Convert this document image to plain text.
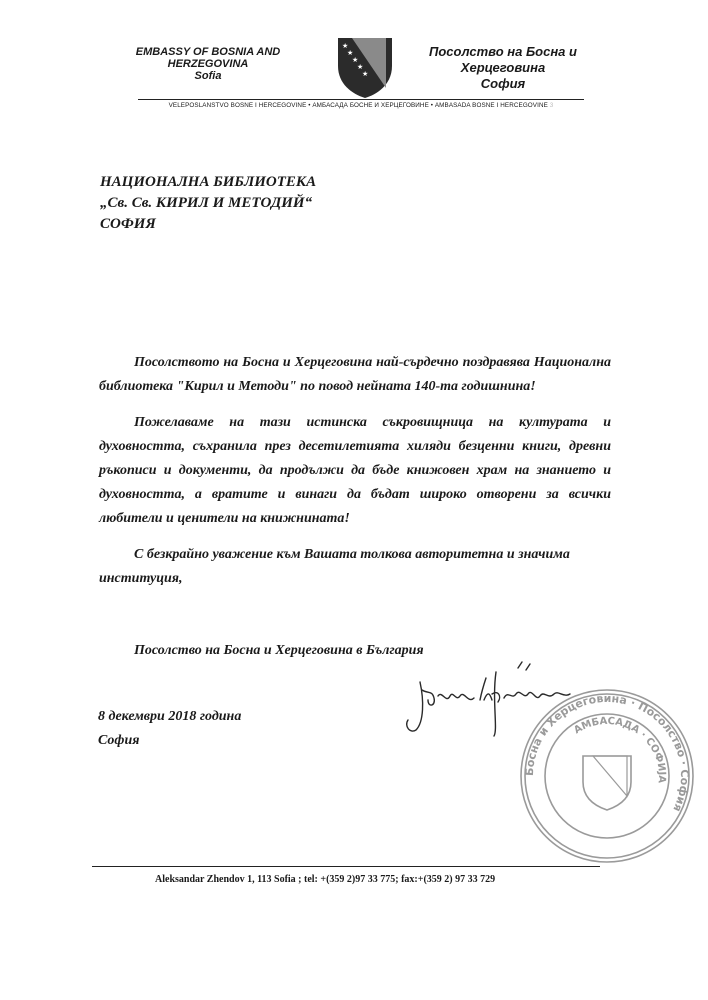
EMBASSY OF BOSNIA AND
HERZEGOVINA
Sofia
★
★
★
★
★
Посолство на Босна и
Херцеговина
София
VELEPOSLANSTVO BOSNE I HERCEGOVINE • АМБАСАДА БОСНЕ И ХЕРЦЕГОВИНЕ • AMBASADA BOSNE I HERCEGOVINE 3
НАЦИОНАЛНА БИБЛИОТЕКА
„Св. Св. КИРИЛ И МЕТОДИЙ“
СОФИЯ

Посолството на Босна и Херцеговина най-сърдечно поздравява Национална библиотека "Кирил и Методи" по повод нейната 140-та годишнина!

Пожелаваме на тази истинска съкровищница на културата и духовността, съхранила през десетилетията хиляди безценни книги, древни ръкописи и документи, да продължи да бъде книжовен храм на знанието и духовността, а вратите и винаги да бъдат широко отворени за всички любители и ценители на книжнината!

С безкрайно уважение към Вашата толкова авторитетна и значима институция,

Посолство на Босна и Херцеговина в България
8 декември 2018 година
София
Босна и Херцеговина · Посолство · София
АМБАСАДА · СОФИЈА
Aleksandar Zhendov 1, 113 Sofia ; tel: +(359 2)97 33 775; fax:+(359 2) 97 33 729
